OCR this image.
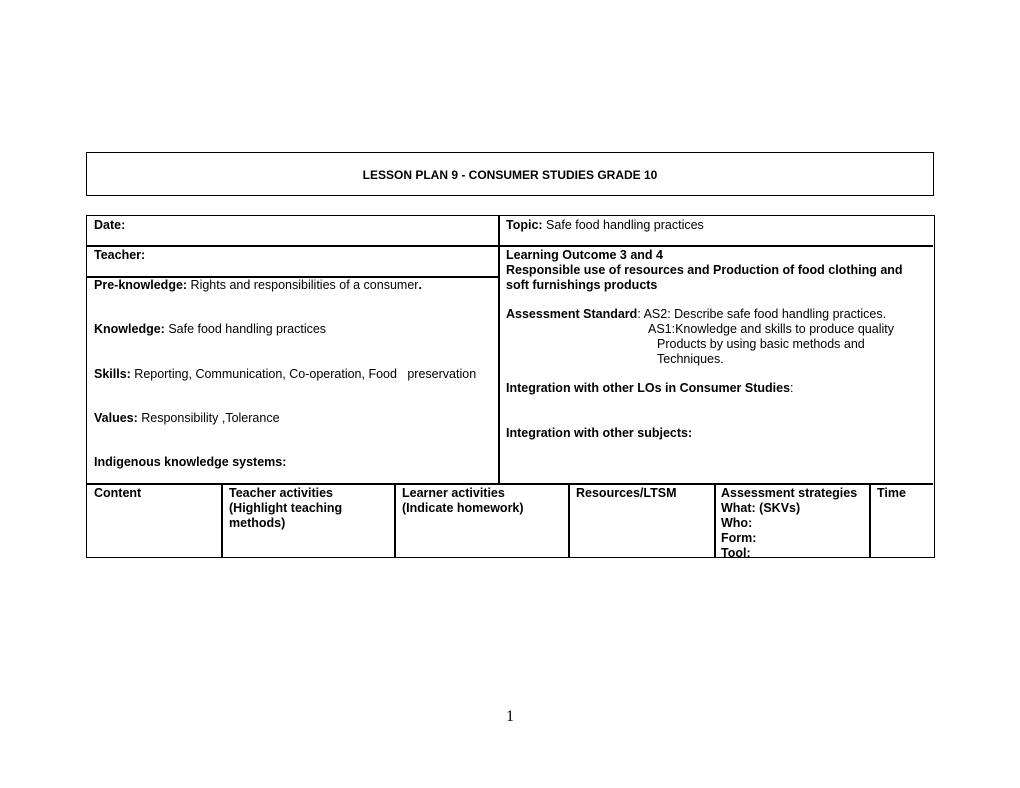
LESSON PLAN 9 - CONSUMER STUDIES GRADE 10
Date:
Teacher:
Pre-knowledge: Rights and responsibilities of a consumer.
Knowledge: Safe food handling practices
Skills: Reporting, Communication, Co-operation, Food   preservation
Values: Responsibility ,Tolerance
Indigenous knowledge systems:
Topic: Safe food handling practices
Learning Outcome 3 and 4
Responsible use of resources and Production of food clothing and
soft furnishings products
Assessment Standard: AS2: Describe safe food handling practices.
AS1:Knowledge and skills to produce quality
Products by using basic methods and
Techniques.
Integration with other LOs in Consumer Studies:
Integration with other subjects:
Content	Teacher activities
(Highlight teaching
methods)
Learner activities
(Indicate homework)
Resources/LTSM	Assessment strategies
What: (SKVs)
Who:
Form:
Tool:
Time
1
